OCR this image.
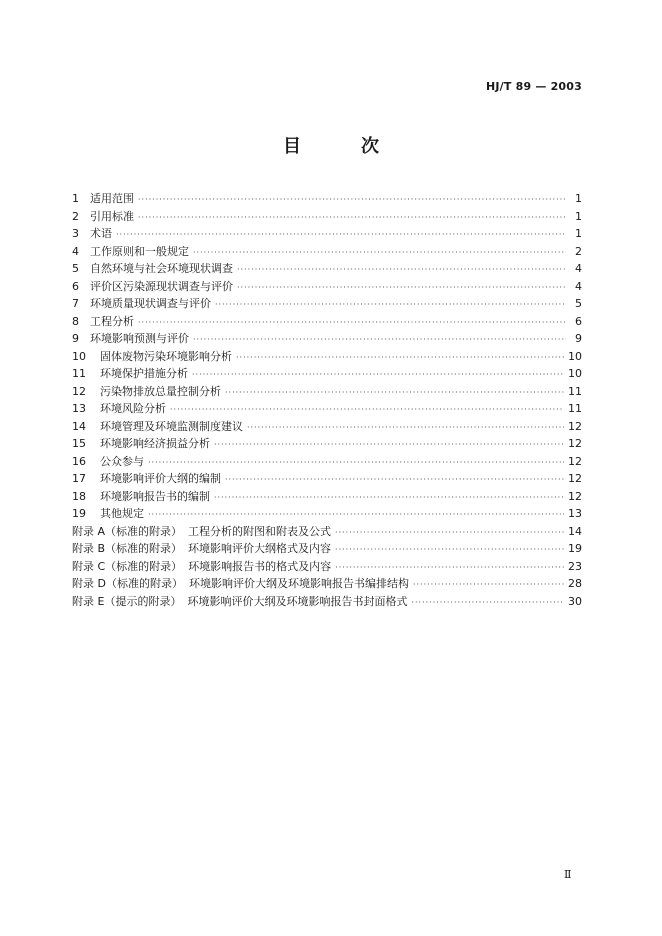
HJ/T 89 — 2003
目	次
1	适用范围 ·····	1
2	引用标准 ·····	1
3	术语 ·····	1
4	工作原则和一般规定 ·····	2
5	自然环境与社会环境现状调查 ·····	4
6	评价区污染源现状调查与评价 ·····	4
7	环境质量现状调查与评价 ·····	5
8	工程分析 ·····	6
9	环境影响预测与评价 ·····	9
10	固体废物污染环境影响分析 ·····	10
11	环境保护措施分析 ·····	10
12	污染物排放总量控制分析 ·····	11
13	环境风险分析 ·····	11
14	环境管理及环境监测制度建议 ·····	12
15	环境影响经济损益分析 ·····	12
16	公众参与 ·····	12
17	环境影响评价大纲的编制 ·····	12
18	环境影响报告书的编制 ·····	12
19	其他规定 ·····	13
附录 A（标准的附录） 工程分析的附图和附表及公式 ·····	14
附录 B（标准的附录） 环境影响评价大纲格式及内容 ·····	19
附录 C（标准的附录） 环境影响报告书的格式及内容 ·····	23
附录 D（标准的附录） 环境影响评价大纲及环境影响报告书编排结构 ·····	28
附录 E（提示的附录） 环境影响评价大纲及环境影响报告书封面格式 ·····	30
Ⅱ
